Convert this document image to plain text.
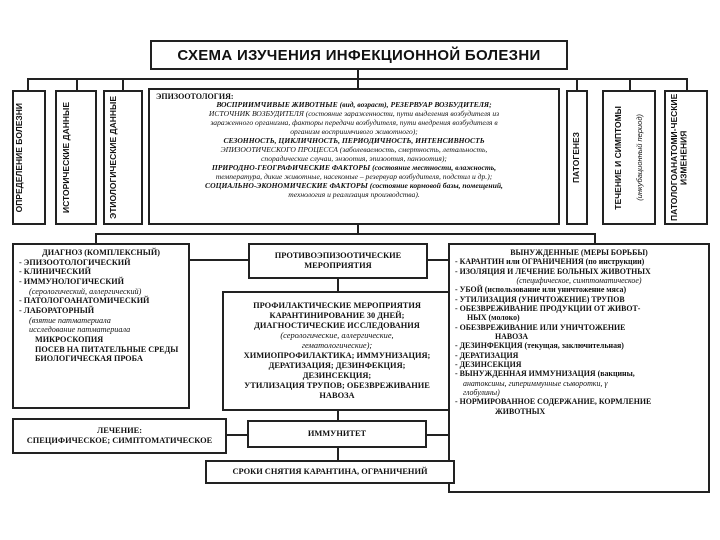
СХЕМА ИЗУЧЕНИЯ ИНФЕКЦИОННОЙ БОЛЕЗНИ
ОПРЕДЕЛЕНИЕ БОЛЕЗНИ	ИСТОРИЧЕСКИЕ ДАННЫЕ	ЭТИОЛОГИЧЕСКИЕ ДАННЫЕ	ЭПИЗООТОЛОГИЯ:

ВОСПРИИМЧИВЫЕ ЖИВОТНЫЕ (вид, возраст), РЕЗЕРВУАР ВОЗБУДИТЕЛЯ;

ИСТОЧНИК ВОЗБУДИТЕЛЯ (состояние зараженности, пути выделения возбудителя из

зараженного организма, факторы передачи возбудителя, пути внедрения возбудителя в

организм восприимчивого животного);

СЕЗОННОСТЬ, ЦИКЛИЧНОСТЬ, ПЕРИОДИЧНОСТЬ, ИНТЕНСИВНОСТЬ

ЭПИЗООТИЧЕСКОГО ПРОЦЕССА (заболеваемость, смертность, летальность,

спорадические случаи, энзоотия, эпизоотия, панзоотия);

ПРИРОДНО-ГЕОГРАФИЧЕСКИЕ ФАКТОРЫ (состояние местности, влажность,

температура, дикие животные, насекомые – резервуар возбудителя, подстил и др.);

СОЦИАЛЬНО-ЭКОНОМИЧЕСКИЕ ФАКТОРЫ (состояние кормовой базы, помещений,

технология и реализация производства).

ПАТОГЕНЕЗ	ТЕЧЕНИЕ И СИМПТОМЫ	(инкубационный период)	ПАТОЛОГОАНАТОМИ-ЧЕСКИЕ ИЗМЕНЕНИЯ

ДИАГНОЗ (КОМПЛЕКСНЫЙ)

- ЭПИЗООТОЛОГИЧЕСКИЙ

- КЛИНИЧЕСКИЙ

- ИММУНОЛОГИЧЕСКИЙ

(серологический, аллергический)

- ПАТОЛОГОАНАТОМИЧЕСКИЙ

- ЛАБОРАТОРНЫЙ

(взятие патматериала

исследование патматериала

МИКРОСКОПИЯ

ПОСЕВ НА ПИТАТЕЛЬНЫЕ СРЕДЫ

БИОЛОГИЧЕСКАЯ ПРОБА

ПРОТИВОЭПИЗООТИЧЕСКИЕ
МЕРОПРИЯТИЯ
ПРОФИЛАКТИЧЕСКИЕ МЕРОПРИЯТИЯ
КАРАНТИНИРОВАНИЕ 30 ДНЕЙ;
ДИАГНОСТИЧЕСКИЕ ИССЛЕДОВАНИЯ
(серологические, аллергические,
гематологические);
ХИМИОПРОФИЛАКТИКА; ИММУНИЗАЦИЯ;
ДЕРАТИЗАЦИЯ; ДЕЗИНФЕКЦИЯ;
ДЕЗИНСЕКЦИЯ;
УТИЛИЗАЦИЯ ТРУПОВ; ОБЕЗВРЕЖИВАНИЕ
НАВОЗА

ВЫНУЖДЕННЫЕ (МЕРЫ БОРЬБЫ)

- КАРАНТИН или ОГРАНИЧЕНИЯ (по инструкции)

- ИЗОЛЯЦИЯ И ЛЕЧЕНИЕ БОЛЬНЫХ ЖИВОТНЫХ

(специфическое, симптоматическое)

- УБОЙ (использование или уничтожение мяса)

- УТИЛИЗАЦИЯ (УНИЧТОЖЕНИЕ) ТРУПОВ

- ОБЕЗВРЕЖИВАНИЕ ПРОДУКЦИИ ОТ ЖИВОТ-

НЫХ (молоко)

- ОБЕЗВРЕЖИВАНИЕ ИЛИ УНИЧТОЖЕНИЕ

НАВОЗА

- ДЕЗИНФЕКЦИЯ (текущая, заключительная)

- ДЕРАТИЗАЦИЯ

- ДЕЗИНСЕКЦИЯ

- ВЫНУЖДЕННАЯ ИММУНИЗАЦИЯ (вакцины,

анатоксины, гипериммунные сыворотки, γ

глобулины)

- НОРМИРОВАННОЕ СОДЕРЖАНИЕ, КОРМЛЕНИЕ

ЖИВОТНЫХ

ЛЕЧЕНИЕ:
СПЕЦИФИЧЕСКОЕ; СИМПТОМАТИЧЕСКОЕ
ИММУНИТЕТ
СРОКИ СНЯТИЯ КАРАНТИНА, ОГРАНИЧЕНИЙ
